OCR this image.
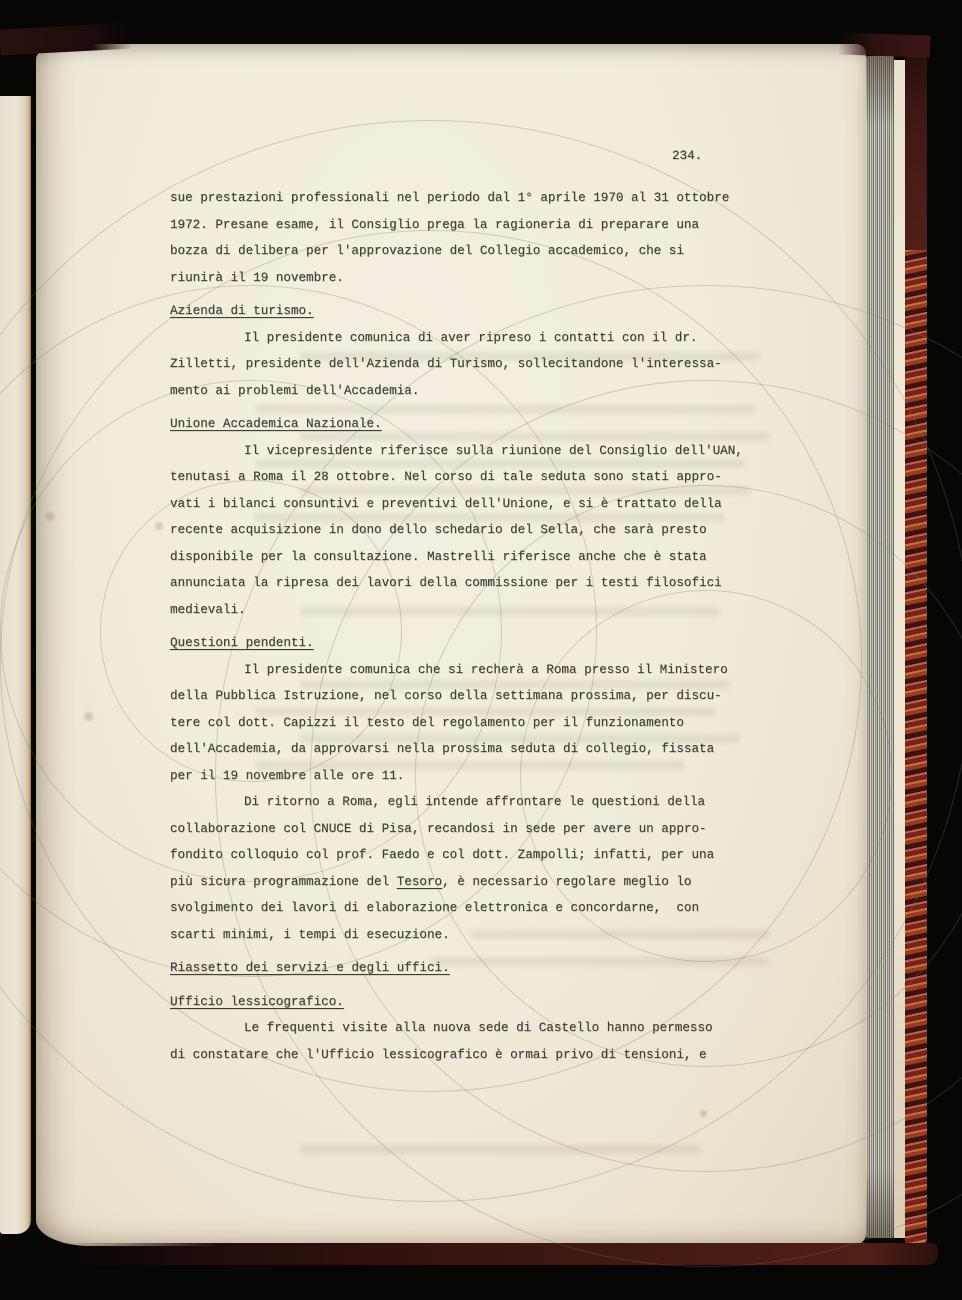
234.
sue prestazioni professionali nel periodo dal 1° aprile 1970 al 31 ottobre
1972. Presane esame, il Consiglio prega la ragioneria di preparare una
bozza di delibera per l'approvazione del Collegio accademico, che si
riunirà il 19 novembre.
Azienda di turismo.
Il presidente comunica di aver ripreso i contatti con il dr.
Zilletti, presidente dell'Azienda di Turismo, sollecitandone l'interessa-
mento ai problemi dell'Accademia.
Unione Accademica Nazionale.
Il vicepresidente riferisce sulla riunione del Consiglio dell'UAN,
tenutasi a Roma il 28 ottobre. Nel corso di tale seduta sono stati appro-
vati i bilanci consuntivi e preventivi dell'Unione, e si è trattato della
recente acquisizione in dono dello schedario del Sella, che sarà presto
disponibile per la consultazione. Mastrelli riferisce anche che è stata
annunciata la ripresa dei lavori della commissione per i testi filosofici
medievali.
Questioni pendenti.
Il presidente comunica che si recherà a Roma presso il Ministero
della Pubblica Istruzione, nel corso della settimana prossima, per discu-
tere col dott. Capizzi il testo del regolamento per il funzionamento
dell'Accademia, da approvarsi nella prossima seduta di collegio, fissata
per il 19 novembre alle ore 11.
Di ritorno a Roma, egli intende affrontare le questioni della
collaborazione col CNUCE di Pisa, recandosi in sede per avere un appro-
fondito colloquio col prof. Faedo e col dott. Zampolli; infatti, per una
più sicura programmazione del Tesoro, è necessario regolare meglio lo
svolgimento dei lavori di elaborazione elettronica e concordarne,  con
scarti minimi, i tempi di esecuzione.
Riassetto dei servizi e degli uffici.
Ufficio lessicografico.
Le frequenti visite alla nuova sede di Castello hanno permesso
di constatare che l'Ufficio lessicografico è ormai privo di tensioni, e
